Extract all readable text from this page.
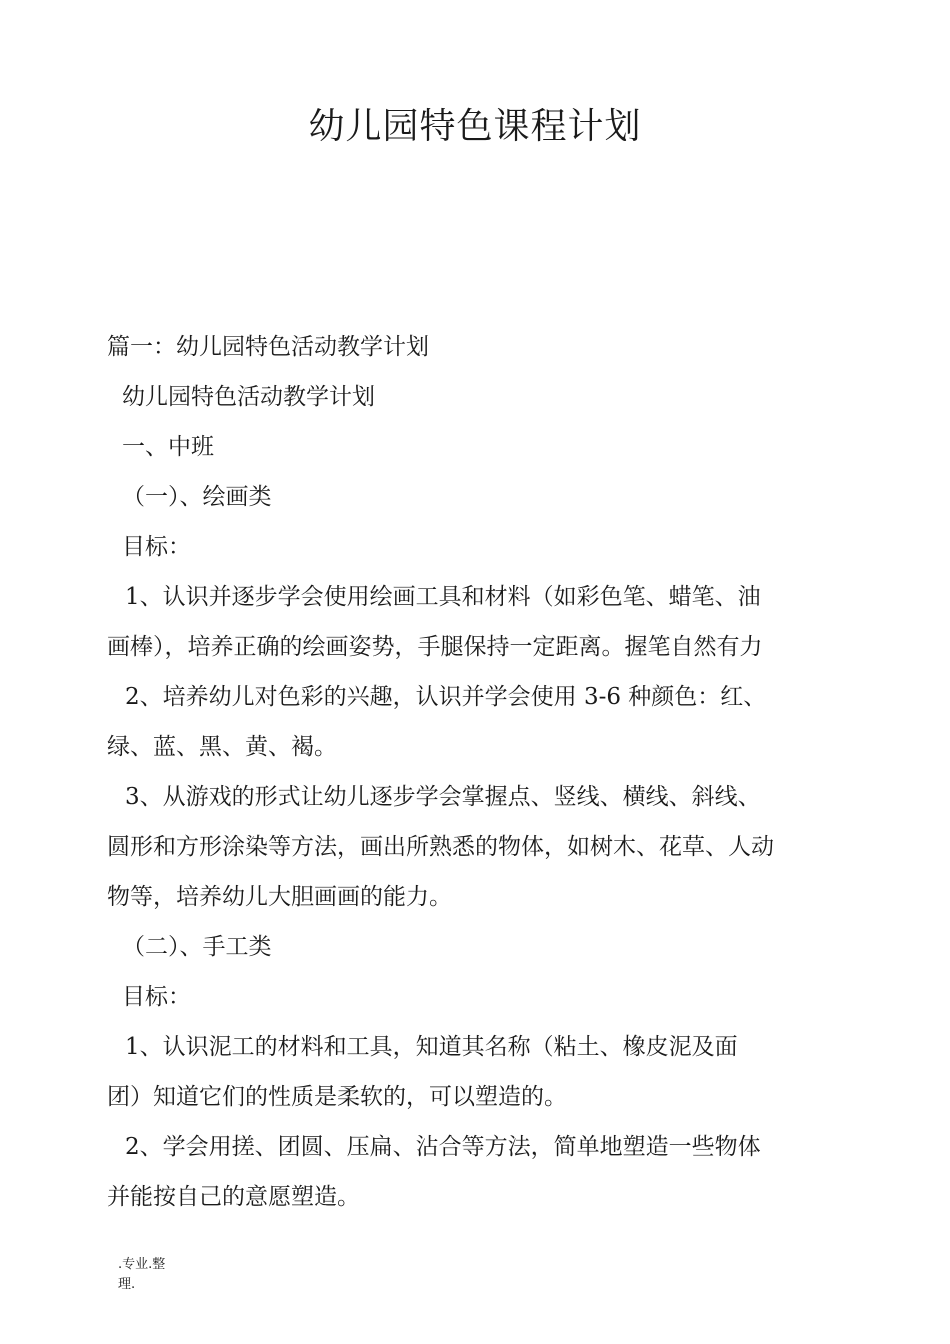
幼儿园特色课程计划
篇一：幼儿园特色活动教学计划
幼儿园特色活动教学计划
一、中班
（一）、绘画类
目标：
1、认识并逐步学会使用绘画工具和材料（如彩色笔、蜡笔、油
画棒），培养正确的绘画姿势，手腿保持一定距离。握笔自然有力
2、培养幼儿对色彩的兴趣，认识并学会使用 3-6 种颜色：红、
绿、蓝、黑、黄、褐。
3、从游戏的形式让幼儿逐步学会掌握点、竖线、横线、斜线、
圆形和方形涂染等方法，画出所熟悉的物体，如树木、花草、人动
物等，培养幼儿大胆画画的能力。
（二）、手工类
目标：
1、认识泥工的材料和工具，知道其名称（粘土、橡皮泥及面
团）知道它们的性质是柔软的，可以塑造的。
2、学会用搓、团圆、压扁、沾合等方法，简单地塑造一些物体
并能按自己的意愿塑造。
.专业.整
理.
